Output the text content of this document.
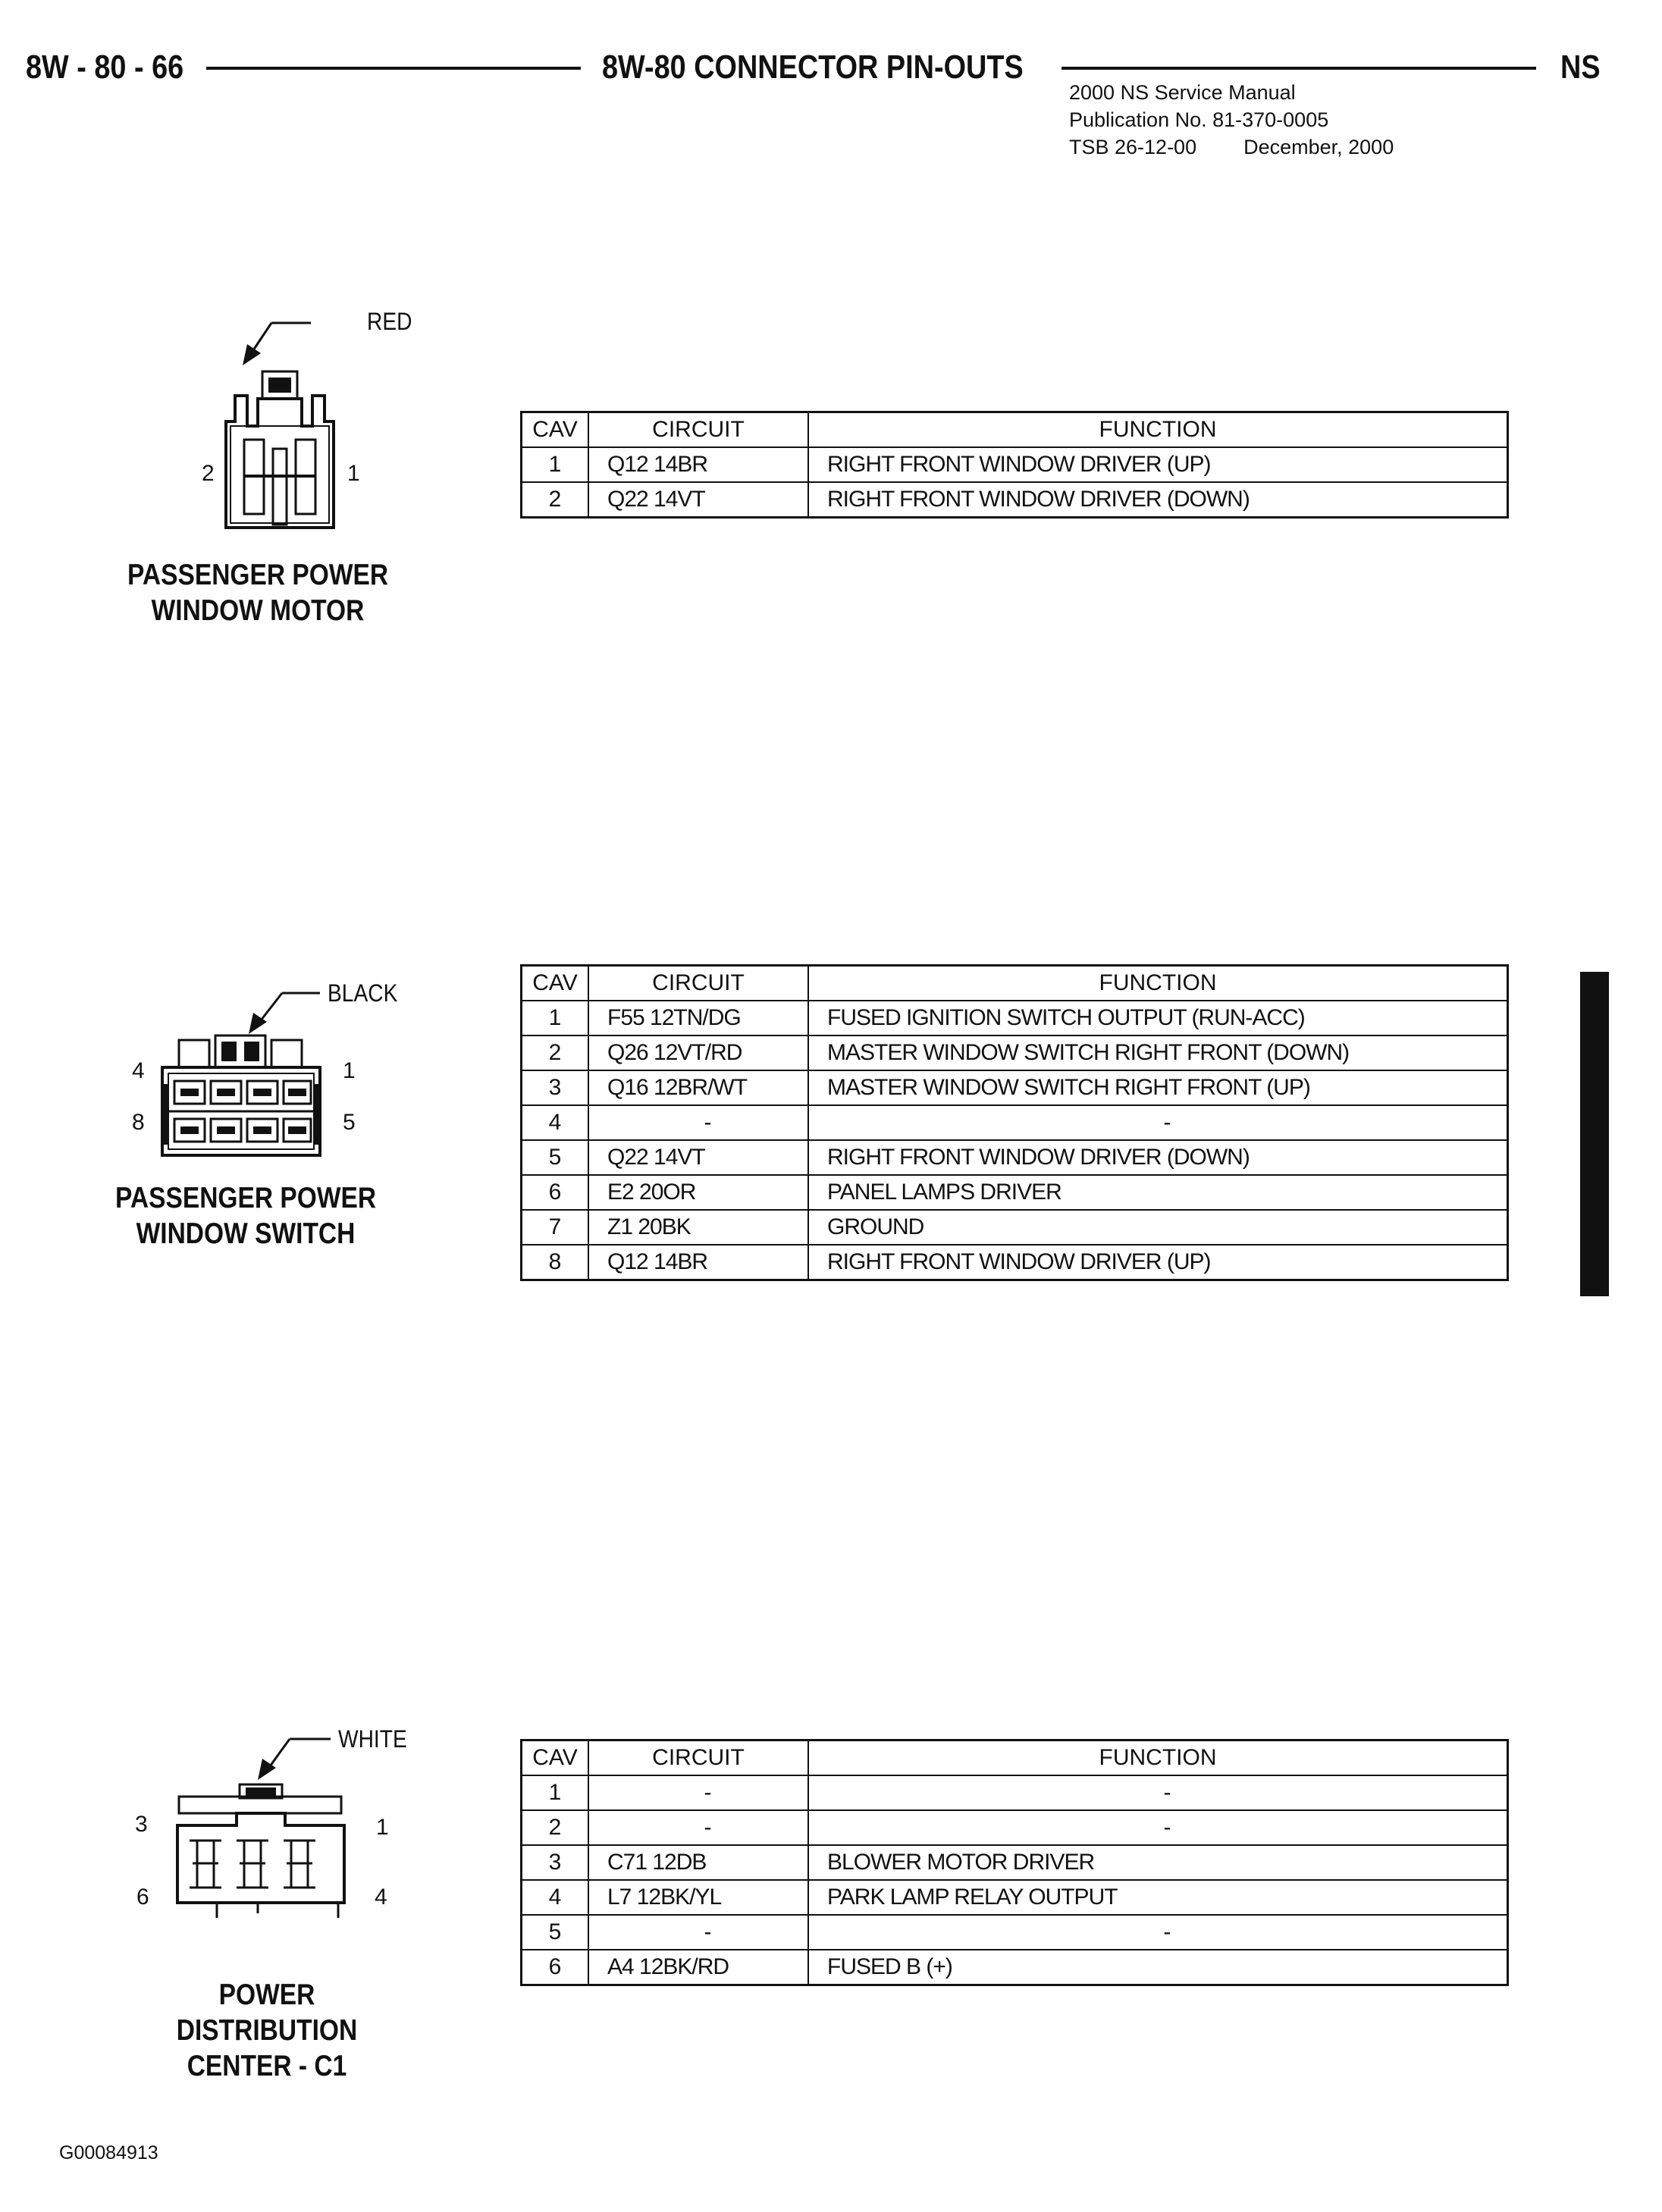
8W - 80 - 66	8W-80 CONNECTOR PIN-OUTS	NS
2000 NS Service Manual
Publication No. 81-370-0005
TSB 26-12-00 December, 2000
RED
2	1
PASSENGER POWER
WINDOW MOTOR
CAV	CIRCUIT	FUNCTION
1	Q12 14BR	RIGHT FRONT WINDOW DRIVER (UP)
2	Q22 14VT	RIGHT FRONT WINDOW DRIVER (DOWN)
BLACK
4	1
8	5
PASSENGER POWER
WINDOW SWITCH
CAV	CIRCUIT	FUNCTION
1	F55 12TN/DG	FUSED IGNITION SWITCH OUTPUT (RUN-ACC)
2	Q26 12VT/RD	MASTER WINDOW SWITCH RIGHT FRONT (DOWN)
3	Q16 12BR/WT	MASTER WINDOW SWITCH RIGHT FRONT (UP)
4	-	-
5	Q22 14VT	RIGHT FRONT WINDOW DRIVER (DOWN)
6	E2 20OR	PANEL LAMPS DRIVER
7	Z1 20BK	GROUND
8	Q12 14BR	RIGHT FRONT WINDOW DRIVER (UP)
WHITE
3	1
6	4
POWER
DISTRIBUTION
CENTER - C1
CAV	CIRCUIT	FUNCTION
1	-	-
2	-	-
3	C71 12DB	BLOWER MOTOR DRIVER
4	L7 12BK/YL	PARK LAMP RELAY OUTPUT
5	-	-
6	A4 12BK/RD	FUSED B (+)
G00084913
